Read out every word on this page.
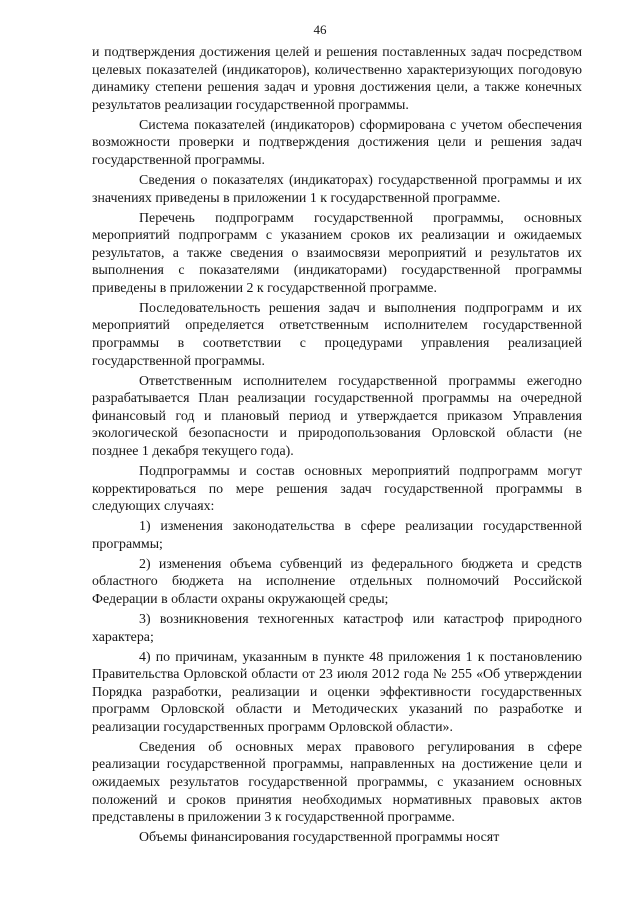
46

и подтверждения достижения целей и решения поставленных задач посредством целевых показателей (индикаторов), количественно характеризующих погодовую динамику степени решения задач и уровня достижения цели, а также конечных результатов реализации государственной программы.

Система показателей (индикаторов) сформирована с учетом обеспечения возможности проверки и подтверждения достижения цели и решения задач государственной программы.

Сведения о показателях (индикаторах) государственной программы и их значениях приведены в приложении 1 к государственной программе.

Перечень подпрограмм государственной программы, основных мероприятий подпрограмм с указанием сроков их реализации и ожидаемых результатов, а также сведения о взаимосвязи мероприятий и результатов их выполнения с показателями (индикаторами) государственной программы приведены в приложении 2 к государственной программе.

Последовательность решения задач и выполнения подпрограмм и их мероприятий определяется ответственным исполнителем государственной программы в соответствии с процедурами управления реализацией государственной программы.

Ответственным исполнителем государственной программы ежегодно разрабатывается План реализации государственной программы на очередной финансовый год и плановый период и утверждается приказом Управления экологической безопасности и природопользования Орловской области (не позднее 1 декабря текущего года).

Подпрограммы и состав основных мероприятий подпрограмм могут корректироваться по мере решения задач государственной программы в следующих случаях:

1) изменения законодательства в сфере реализации государственной программы;

2) изменения объема субвенций из федерального бюджета и средств областного бюджета на исполнение отдельных полномочий Российской Федерации в области охраны окружающей среды;

3) возникновения техногенных катастроф или катастроф природного характера;

4) по причинам, указанным в пункте 48 приложения 1 к постановлению Правительства Орловской области от 23 июля 2012 года № 255 «Об утверждении Порядка разработки, реализации и оценки эффективности государственных программ Орловской области и Методических указаний по разработке и реализации государственных программ Орловской области».

Сведения об основных мерах правового регулирования в сфере реализации государственной программы, направленных на достижение цели и ожидаемых результатов государственной программы, с указанием основных положений и сроков принятия необходимых нормативных правовых актов представлены в приложении 3 к государственной программе.

Объемы финансирования государственной программы носят
